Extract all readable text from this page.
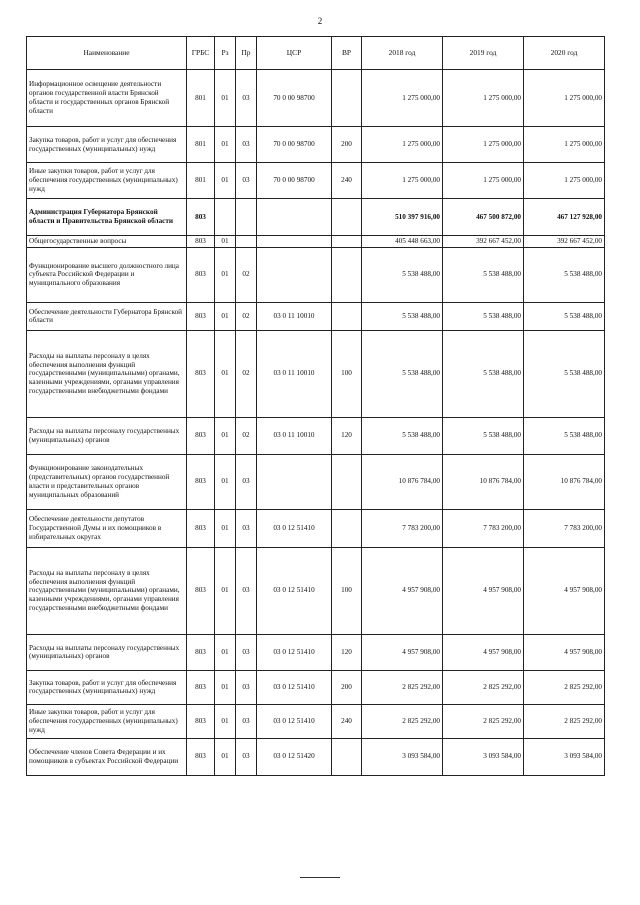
2
Наименование	ГРБС	Рз	Пр	ЦСР	ВР	2018 год	2019 год	2020 год
Информационное освещение деятельности органов государственной власти Брянской области и государственных органов Брянской области	801	01	03	70 0 00 98700		1 275 000,00	1 275 000,00	1 275 000,00
Закупка товаров, работ и услуг для обеспечения государственных (муниципальных) нужд	801	01	03	70 0 00 98700	200	1 275 000,00	1 275 000,00	1 275 000,00
Иные закупки товаров, работ и услуг для обеспечения государственных (муниципальных) нужд	801	01	03	70 0 00 98700	240	1 275 000,00	1 275 000,00	1 275 000,00
Администрация Губернатора Брянской области и Правительства Брянской области	803					510 397 916,00	467 500 872,00	467 127 928,00
Общегосударственные вопросы	803	01				405 448 663,00	392 667 452,00	392 667 452,00
Функционирование высшего должностного лица субъекта Российской Федерации и муниципального образования	803	01	02			5 538 488,00	5 538 488,00	5 538 488,00
Обеспечение деятельности Губернатора Брянской области	803	01	02	03 0 11 10010		5 538 488,00	5 538 488,00	5 538 488,00
Расходы на выплаты персоналу в целях обеспечения выполнения функций государственными (муниципальными) органами, казенными учреждениями, органами управления государственными внебюджетными фондами	803	01	02	03 0 11 10010	100	5 538 488,00	5 538 488,00	5 538 488,00
Расходы на выплаты персоналу государственных (муниципальных) органов	803	01	02	03 0 11 10010	120	5 538 488,00	5 538 488,00	5 538 488,00
Функционирование законодательных (представительных) органов государственной власти и представительных органов муниципальных образований	803	01	03			10 876 784,00	10 876 784,00	10 876 784,00
Обеспечение деятельности депутатов Государственной Думы и их помощников в избирательных округах	803	01	03	03 0 12 51410		7 783 200,00	7 783 200,00	7 783 200,00
Расходы на выплаты персоналу в целях обеспечения выполнения функций государственными (муниципальными) органами, казенными учреждениями, органами управления государственными внебюджетными фондами	803	01	03	03 0 12 51410	100	4 957 908,00	4 957 908,00	4 957 908,00
Расходы на выплаты персоналу государственных (муниципальных) органов	803	01	03	03 0 12 51410	120	4 957 908,00	4 957 908,00	4 957 908,00
Закупка товаров, работ и услуг для обеспечения государственных (муниципальных) нужд	803	01	03	03 0 12 51410	200	2 825 292,00	2 825 292,00	2 825 292,00
Иные закупки товаров, работ и услуг для обеспечения государственных (муниципальных) нужд	803	01	03	03 0 12 51410	240	2 825 292,00	2 825 292,00	2 825 292,00
Обеспечение членов Совета Федерации и их помощников в субъектах Российской Федерации	803	01	03	03 0 12 51420		3 093 584,00	3 093 584,00	3 093 584,00
